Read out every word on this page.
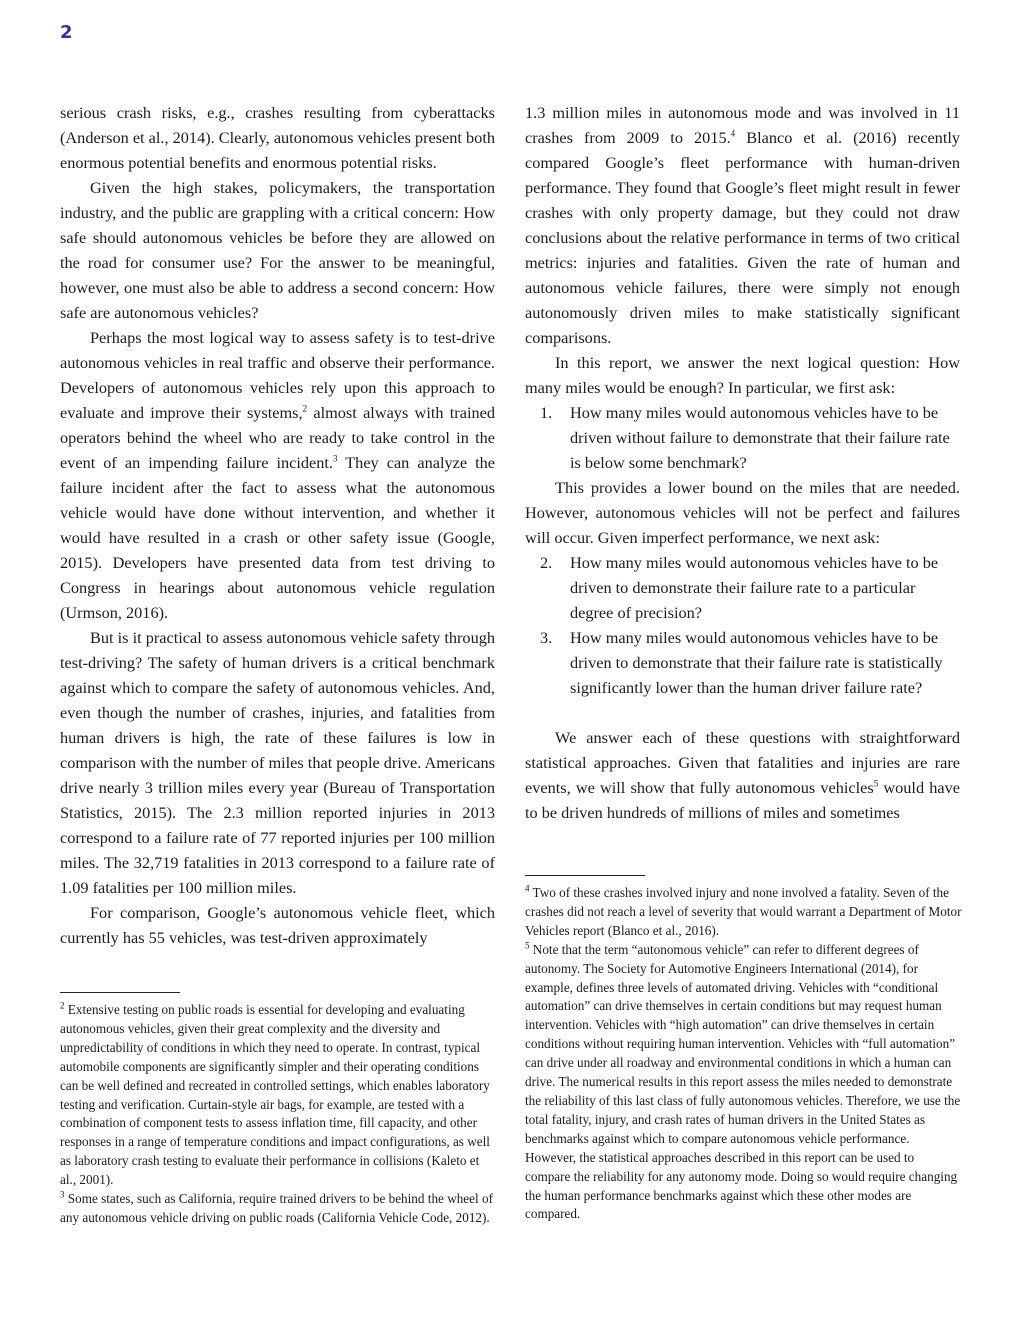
2

serious crash risks, e.g., crashes resulting from cyberattacks (Anderson et al., 2014). Clearly, autonomous vehicles present both enormous potential benefits and enormous potential risks.

Given the high stakes, policymakers, the transportation industry, and the public are grappling with a critical concern: How safe should autonomous vehicles be before they are allowed on the road for consumer use? For the answer to be meaningful, however, one must also be able to address a second concern: How safe are autonomous vehicles?

Perhaps the most logical way to assess safety is to test-drive autonomous vehicles in real traffic and observe their performance. Developers of autonomous vehicles rely upon this approach to evaluate and improve their systems,$^2$ almost always with trained operators behind the wheel who are ready to take control in the event of an impending failure incident.$^3$ They can analyze the failure incident after the fact to assess what the autonomous vehicle would have done without intervention, and whether it would have resulted in a crash or other safety issue (Google, 2015). Developers have presented data from test driving to Congress in hearings about autonomous vehicle regulation (Urmson, 2016).

But is it practical to assess autonomous vehicle safety through test-driving? The safety of human drivers is a critical benchmark against which to compare the safety of autonomous vehicles. And, even though the number of crashes, injuries, and fatalities from human drivers is high, the rate of these failures is low in comparison with the number of miles that people drive. Americans drive nearly 3 trillion miles every year (Bureau of Transportation Statistics, 2015). The 2.3 million reported injuries in 2013 correspond to a failure rate of 77 reported injuries per 100 million miles. The 32,719 fatalities in 2013 correspond to a failure rate of 1.09 fatalities per 100 million miles.

For comparison, Google’s autonomous vehicle fleet, which currently has 55 vehicles, was test-driven approximately

1.3 million miles in autonomous mode and was involved in 11 crashes from 2009 to 2015.$^4$ Blanco et al. (2016) recently compared Google’s fleet performance with human-driven performance. They found that Google’s fleet might result in fewer crashes with only property damage, but they could not draw conclusions about the relative performance in terms of two critical metrics: injuries and fatalities. Given the rate of human and autonomous vehicle failures, there were simply not enough autonomously driven miles to make statistically significant comparisons.

In this report, we answer the next logical question: How many miles would be enough? In particular, we first ask:

1. How many miles would autonomous vehicles have to be driven without failure to demonstrate that their failure rate is below some benchmark?

This provides a lower bound on the miles that are needed. However, autonomous vehicles will not be perfect and failures will occur. Given imperfect performance, we next ask:

2. How many miles would autonomous vehicles have to be driven to demonstrate their failure rate to a particular degree of precision?
3. How many miles would autonomous vehicles have to be driven to demonstrate that their failure rate is statistically significantly lower than the human driver failure rate?

We answer each of these questions with straightforward statistical approaches. Given that fatalities and injuries are rare events, we will show that fully autonomous vehicles$^5$ would have to be driven hundreds of millions of miles and sometimes

$^2$ Extensive testing on public roads is essential for developing and evaluating autonomous vehicles, given their great complexity and the diversity and unpredictability of conditions in which they need to operate. In contrast, typical automobile components are significantly simpler and their operating conditions can be well defined and recreated in controlled settings, which enables laboratory testing and verification. Curtain-style air bags, for example, are tested with a combination of component tests to assess inflation time, fill capacity, and other responses in a range of temperature conditions and impact configurations, as well as laboratory crash testing to evaluate their performance in collisions (Kaleto et al., 2001).

$^3$ Some states, such as California, require trained drivers to be behind the wheel of any autonomous vehicle driving on public roads (California Vehicle Code, 2012).

$^4$ Two of these crashes involved injury and none involved a fatality. Seven of the crashes did not reach a level of severity that would warrant a Department of Motor Vehicles report (Blanco et al., 2016).

$^5$ Note that the term “autonomous vehicle” can refer to different degrees of autonomy. The Society for Automotive Engineers International (2014), for example, defines three levels of automated driving. Vehicles with “conditional automation” can drive themselves in certain conditions but may request human intervention. Vehicles with “high automation” can drive themselves in certain conditions without requiring human intervention. Vehicles with “full automation” can drive under all roadway and environmental conditions in which a human can drive. The numerical results in this report assess the miles needed to demonstrate the reliability of this last class of fully autonomous vehicles. Therefore, we use the total fatality, injury, and crash rates of human drivers in the United States as benchmarks against which to compare autonomous vehicle performance. However, the statistical approaches described in this report can be used to compare the reliability for any autonomy mode. Doing so would require changing the human performance benchmarks against which these other modes are compared.
